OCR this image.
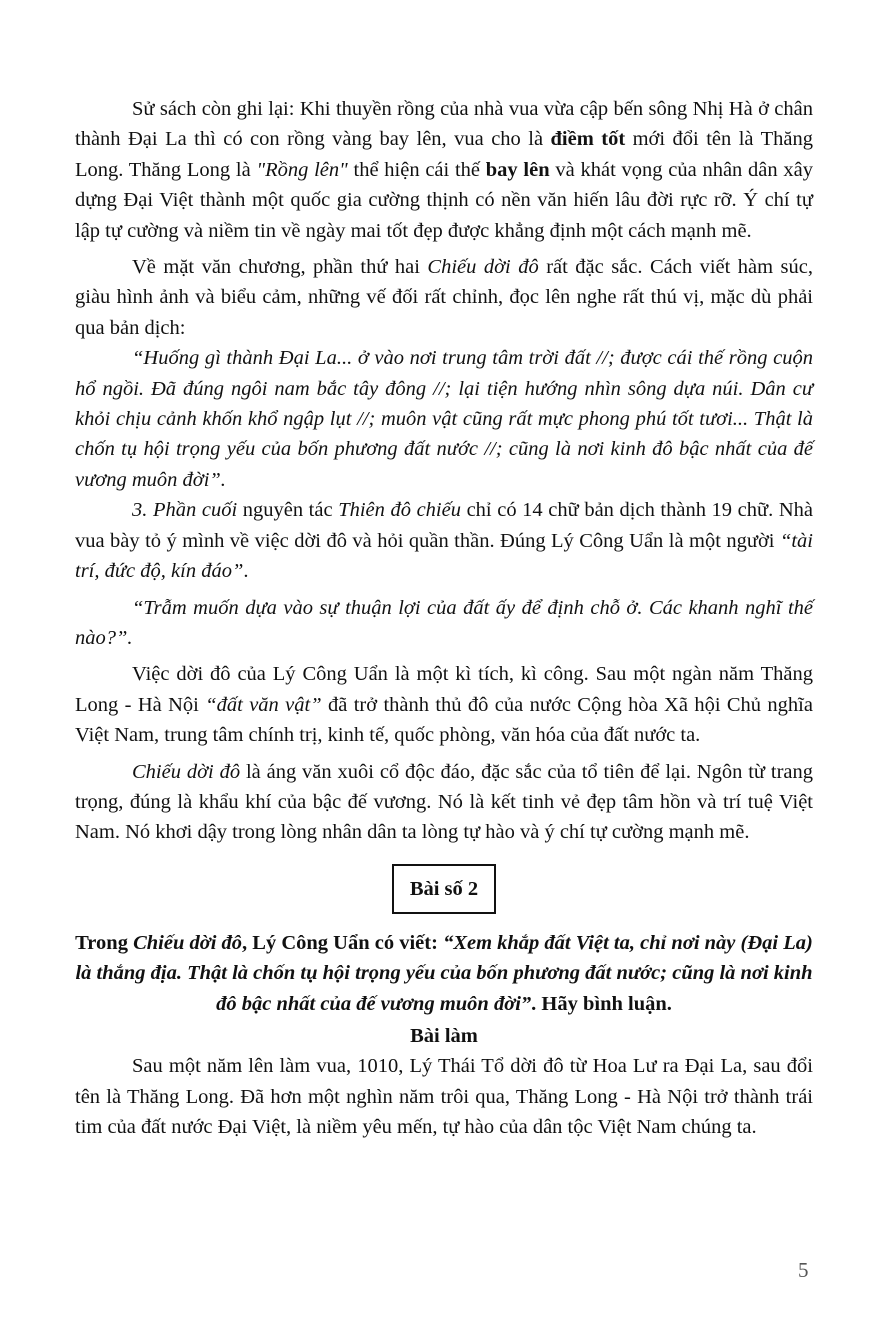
Sử sách còn ghi lại: Khi thuyền rồng của nhà vua vừa cập bến sông Nhị Hà ở chân thành Đại La thì có con rồng vàng bay lên, vua cho là điềm tốt mới đổi tên là Thăng Long. Thăng Long là "Rồng lên" thể hiện cái thế bay lên và khát vọng của nhân dân xây dựng Đại Việt thành một quốc gia cường thịnh có nền văn hiến lâu đời rực rỡ. Ý chí tự lập tự cường và niềm tin về ngày mai tốt đẹp được khẳng định một cách mạnh mẽ.

Về mặt văn chương, phần thứ hai Chiếu dời đô rất đặc sắc. Cách viết hàm súc, giàu hình ảnh và biểu cảm, những vế đối rất chỉnh, đọc lên nghe rất thú vị, mặc dù phải qua bản dịch:

“Huống gì thành Đại La... ở vào nơi trung tâm trời đất //; được cái thế rồng cuộn hổ ngồi. Đã đúng ngôi nam bắc tây đông //; lại tiện hướng nhìn sông dựa núi. Dân cư khỏi chịu cảnh khốn khổ ngập lụt //; muôn vật cũng rất mực phong phú tốt tươi... Thật là chốn tụ hội trọng yếu của bốn phương đất nước //; cũng là nơi kinh đô bậc nhất của đế vương muôn đời”.

3. Phần cuối nguyên tác Thiên đô chiếu chỉ có 14 chữ bản dịch thành 19 chữ. Nhà vua bày tỏ ý mình về việc dời đô và hỏi quần thần. Đúng Lý Công Uẩn là một người “tài trí, đức độ, kín đáo”.

“Trẫm muốn dựa vào sự thuận lợi của đất ấy để định chỗ ở. Các khanh nghĩ thế nào?”.

Việc dời đô của Lý Công Uẩn là một kì tích, kì công. Sau một ngàn năm Thăng Long - Hà Nội “đất văn vật” đã trở thành thủ đô của nước Cộng hòa Xã hội Chủ nghĩa Việt Nam, trung tâm chính trị, kinh tế, quốc phòng, văn hóa của đất nước ta.

Chiếu dời đô là áng văn xuôi cổ độc đáo, đặc sắc của tổ tiên để lại. Ngôn từ trang trọng, đúng là khẩu khí của bậc đế vương. Nó là kết tinh vẻ đẹp tâm hồn và trí tuệ Việt Nam. Nó khơi dậy trong lòng nhân dân ta lòng tự hào và ý chí tự cường mạnh mẽ.

Bài số 2

Trong Chiếu dời đô, Lý Công Uẩn có viết: “Xem khắp đất Việt ta, chỉ nơi này (Đại La) là thắng địa. Thật là chốn tụ hội trọng yếu của bốn phương đất nước; cũng là nơi kinh đô bậc nhất của đế vương muôn đời”. Hãy bình luận.

Bài làm

Sau một năm lên làm vua, 1010, Lý Thái Tổ dời đô từ Hoa Lư ra Đại La, sau đổi tên là Thăng Long. Đã hơn một nghìn năm trôi qua, Thăng Long - Hà Nội trở thành trái tim của đất nước Đại Việt, là niềm yêu mến, tự hào của dân tộc Việt Nam chúng ta.

5
